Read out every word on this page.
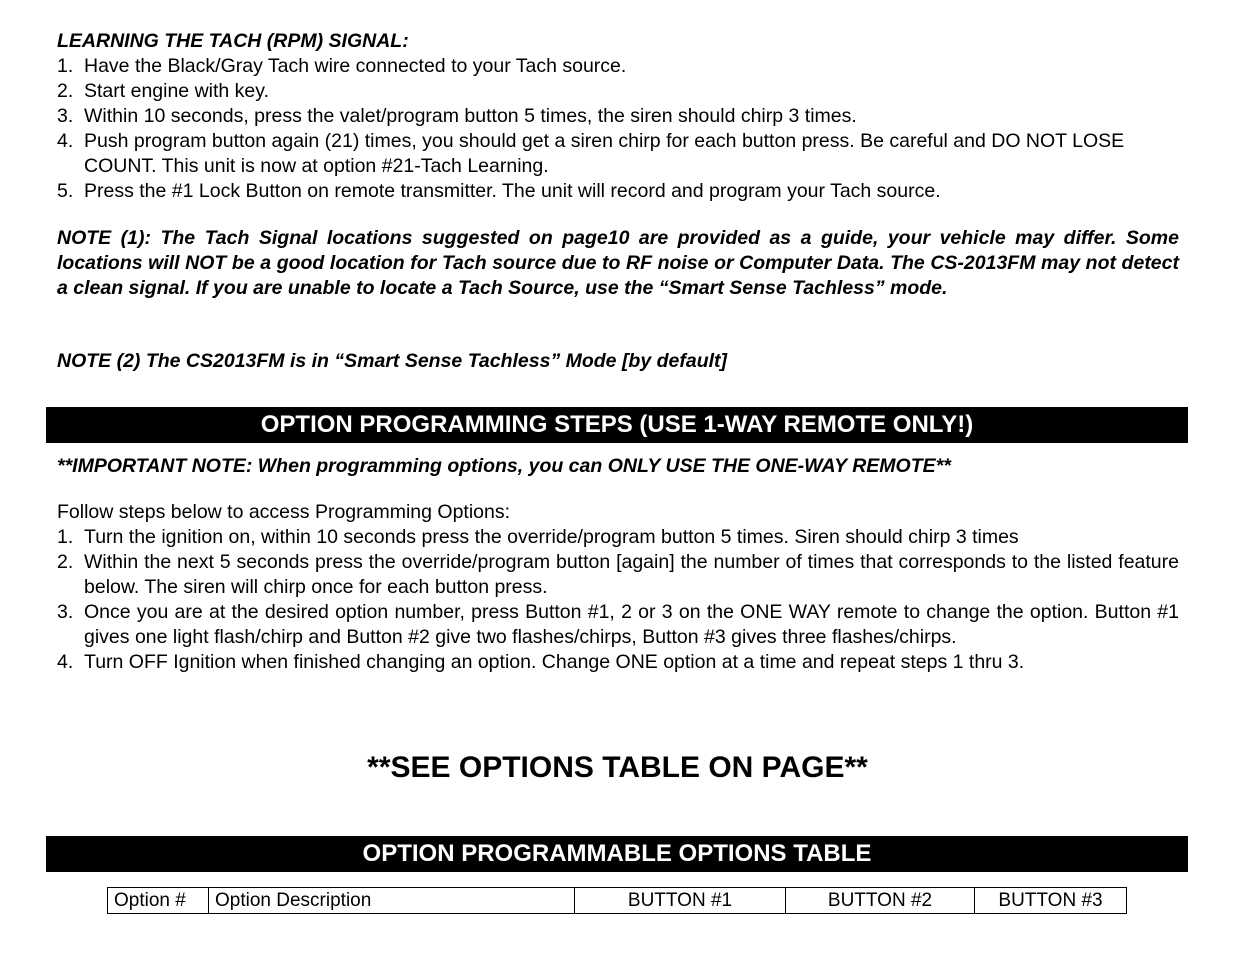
LEARNING THE TACH (RPM) SIGNAL:
1. Have the Black/Gray Tach wire connected to your Tach source.
2. Start engine with key.
3. Within 10 seconds, press the valet/program button 5 times, the siren should chirp 3 times.
4. Push program button again (21) times, you should get a siren chirp for each button press. Be careful and DO NOT LOSE COUNT. This unit is now at option #21-Tach Learning.
5. Press the #1 Lock Button on remote transmitter. The unit will record and program your Tach source.
NOTE (1): The Tach Signal locations suggested on page10 are provided as a guide, your vehicle may differ. Some locations will NOT be a good location for Tach source due to RF noise or Computer Data. The CS-2013FM may not detect a clean signal. If you are unable to locate a Tach Source, use the “Smart Sense Tachless” mode.
NOTE (2) The CS2013FM is in “Smart Sense Tachless” Mode [by default]
OPTION PROGRAMMING STEPS (USE 1-WAY REMOTE ONLY!)
**IMPORTANT NOTE: When programming options, you can ONLY USE THE ONE-WAY REMOTE**
Follow steps below to access Programming Options:
1. Turn the ignition on, within 10 seconds press the override/program button 5 times. Siren should chirp 3 times
2. Within the next 5 seconds press the override/program button [again] the number of times that corresponds to the listed feature below. The siren will chirp once for each button press.
3. Once you are at the desired option number, press Button #1, 2 or 3 on the ONE WAY remote to change the option. Button #1 gives one light flash/chirp and Button #2 give two flashes/chirps, Button #3 gives three flashes/chirps.
4. Turn OFF Ignition when finished changing an option. Change ONE option at a time and repeat steps 1 thru 3.
**SEE OPTIONS TABLE ON PAGE**
OPTION PROGRAMMABLE OPTIONS TABLE
Option #	Option Description	BUTTON #1	BUTTON #2	BUTTON #3
